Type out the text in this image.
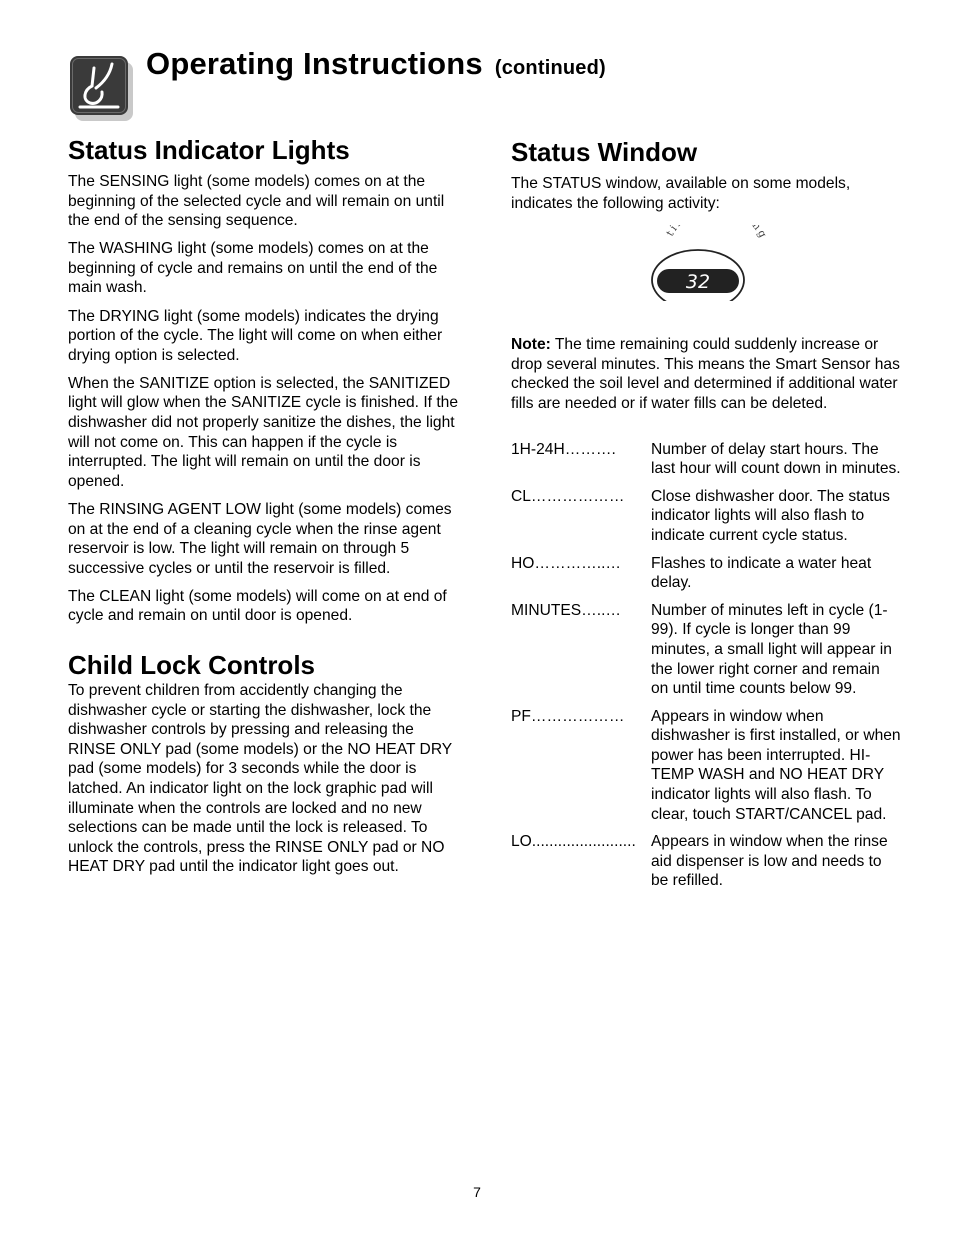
Operating Instructions (continued)
Status Indicator Lights

The SENSING light (some models) comes on at the beginning of the selected cycle and will remain on until the end of the sensing sequence.

The WASHING light (some models) comes on at the beginning of cycle and remains on until the end of the main wash.

The DRYING light (some models) indicates the drying portion of the cycle. The light will come on when either drying option is selected.

When the SANITIZE option is selected, the SANITIZED light will glow when the SANITIZE cycle is finished. If the dishwasher did not properly sanitize the dishes, the light will not come on. This can happen if the cycle is interrupted. The light will remain on until the door is opened.

The RINSING AGENT LOW light (some models) comes on at the end of a cleaning cycle when the rinse agent reservoir is low. The light will remain on through 5 successive cycles or until the reservoir is filled.

The CLEAN light (some models) will come on at end of cycle and remain on until door is opened.

Child Lock Controls

To prevent children from accidently changing the dishwasher cycle or starting the dishwasher, lock the dishwasher controls by pressing and releasing the RINSE ONLY pad (some models) or the NO HEAT DRY pad (some models) for 3 seconds while the door is latched. An indicator light on the lock graphic pad will illuminate when the controls are locked and no new selections can be made until the lock is released. To unlock the controls, press the RINSE ONLY pad or NO HEAT DRY pad until the indicator light goes out.

Status Window

The STATUS window, available on some models, indicates the following activity:

ti n
32

Note: The time remaining could suddenly increase or drop several minutes. This means the Smart Sensor has checked the soil level and determined if additional water fills are needed or if water fills can be deleted.

1H-24H……….	Number of delay start hours. The last hour will count down in minutes.
CL………………	Close dishwasher door. The status indicator lights will also flash to indicate current cycle status.
HO…………..…	Flashes to indicate a water heat delay.
MINUTES…..…	Number of minutes left in cycle (1-99). If cycle is longer than 99 minutes, a small light will appear in the lower right corner and remain on until time counts below 99.
PF………………	Appears in window when dishwasher is first installed, or when power has been interrupted. HI-TEMP WASH and NO HEAT DRY indicator lights will also flash. To clear, touch START/CANCEL pad.
LO........................ Appears in window when the rinse aid dispenser is low and needs to be refilled.
7
